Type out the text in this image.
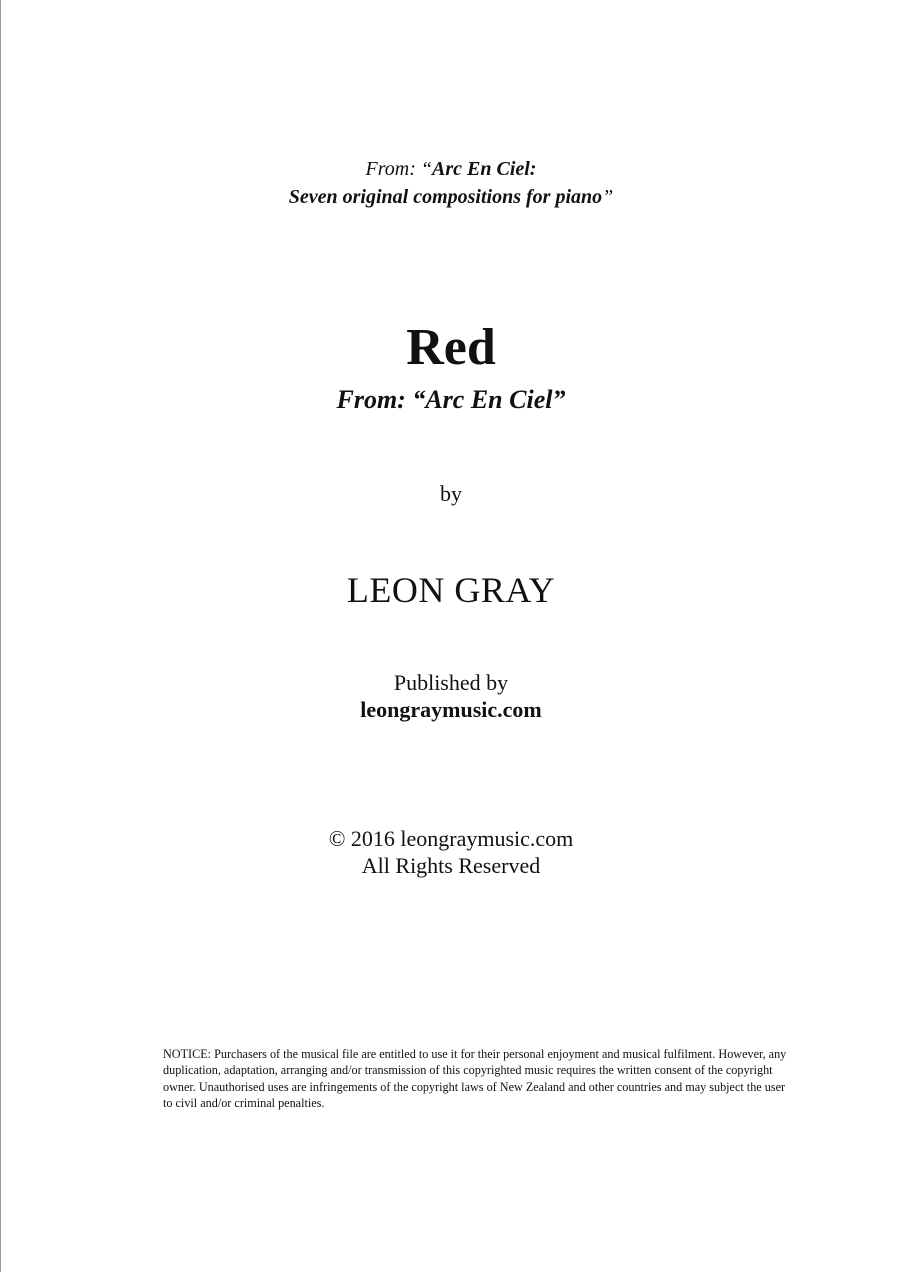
From: “Arc En Ciel:
Seven original compositions for piano”
Red
From: “Arc En Ciel”
by
LEON GRAY
Published by
leongraymusic.com
© 2016 leongraymusic.com
All Rights Reserved
NOTICE: Purchasers of the musical file are entitled to use it for their personal enjoyment and musical fulfilment. However, any duplication, adaptation, arranging and/or transmission of this copyrighted music requires the written consent of the copyright owner. Unauthorised uses are infringements of the copyright laws of New Zealand and other countries and may subject the user to civil and/or criminal penalties.
